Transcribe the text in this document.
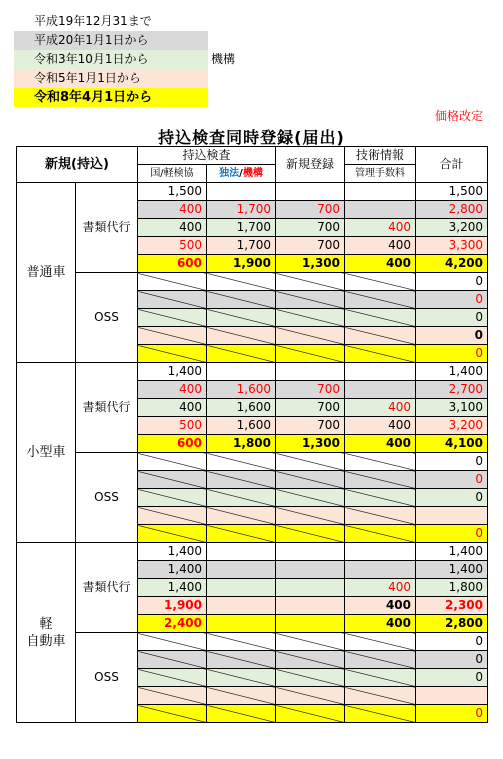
平成19年12月31まで
平成20年1月1日から
令和3年10月1日から
令和5年1月1日から
令和8年4月1日から
機構
価格改定
持込検査同時登録(届出)
新規(持込)		持込検査		新規登録	技術情報	合計
		国/軽検協	独法/機構		管理手数料	
普通車	書類代行	1,500				1,500
		400	1,700	700		2,800
		400	1,700	700	400	3,200
		500	1,700	700	400	3,300
		600	1,900	1,300	400	4,200
	OSS					0
						0
						0
						0
						0
小型車	書類代行	1,400				1,400
		400	1,600	700		2,700
		400	1,600	700	400	3,100
		500	1,600	700	400	3,200
		600	1,800	1,300	400	4,100
	OSS					0
						0
						0

						0
軽
自動車	書類代行	1,400				1,400
		1,400				1,400
		1,400			400	1,800
		1,900			400	2,300
		2,400			400	2,800
	OSS					0
						0
						0

						0
